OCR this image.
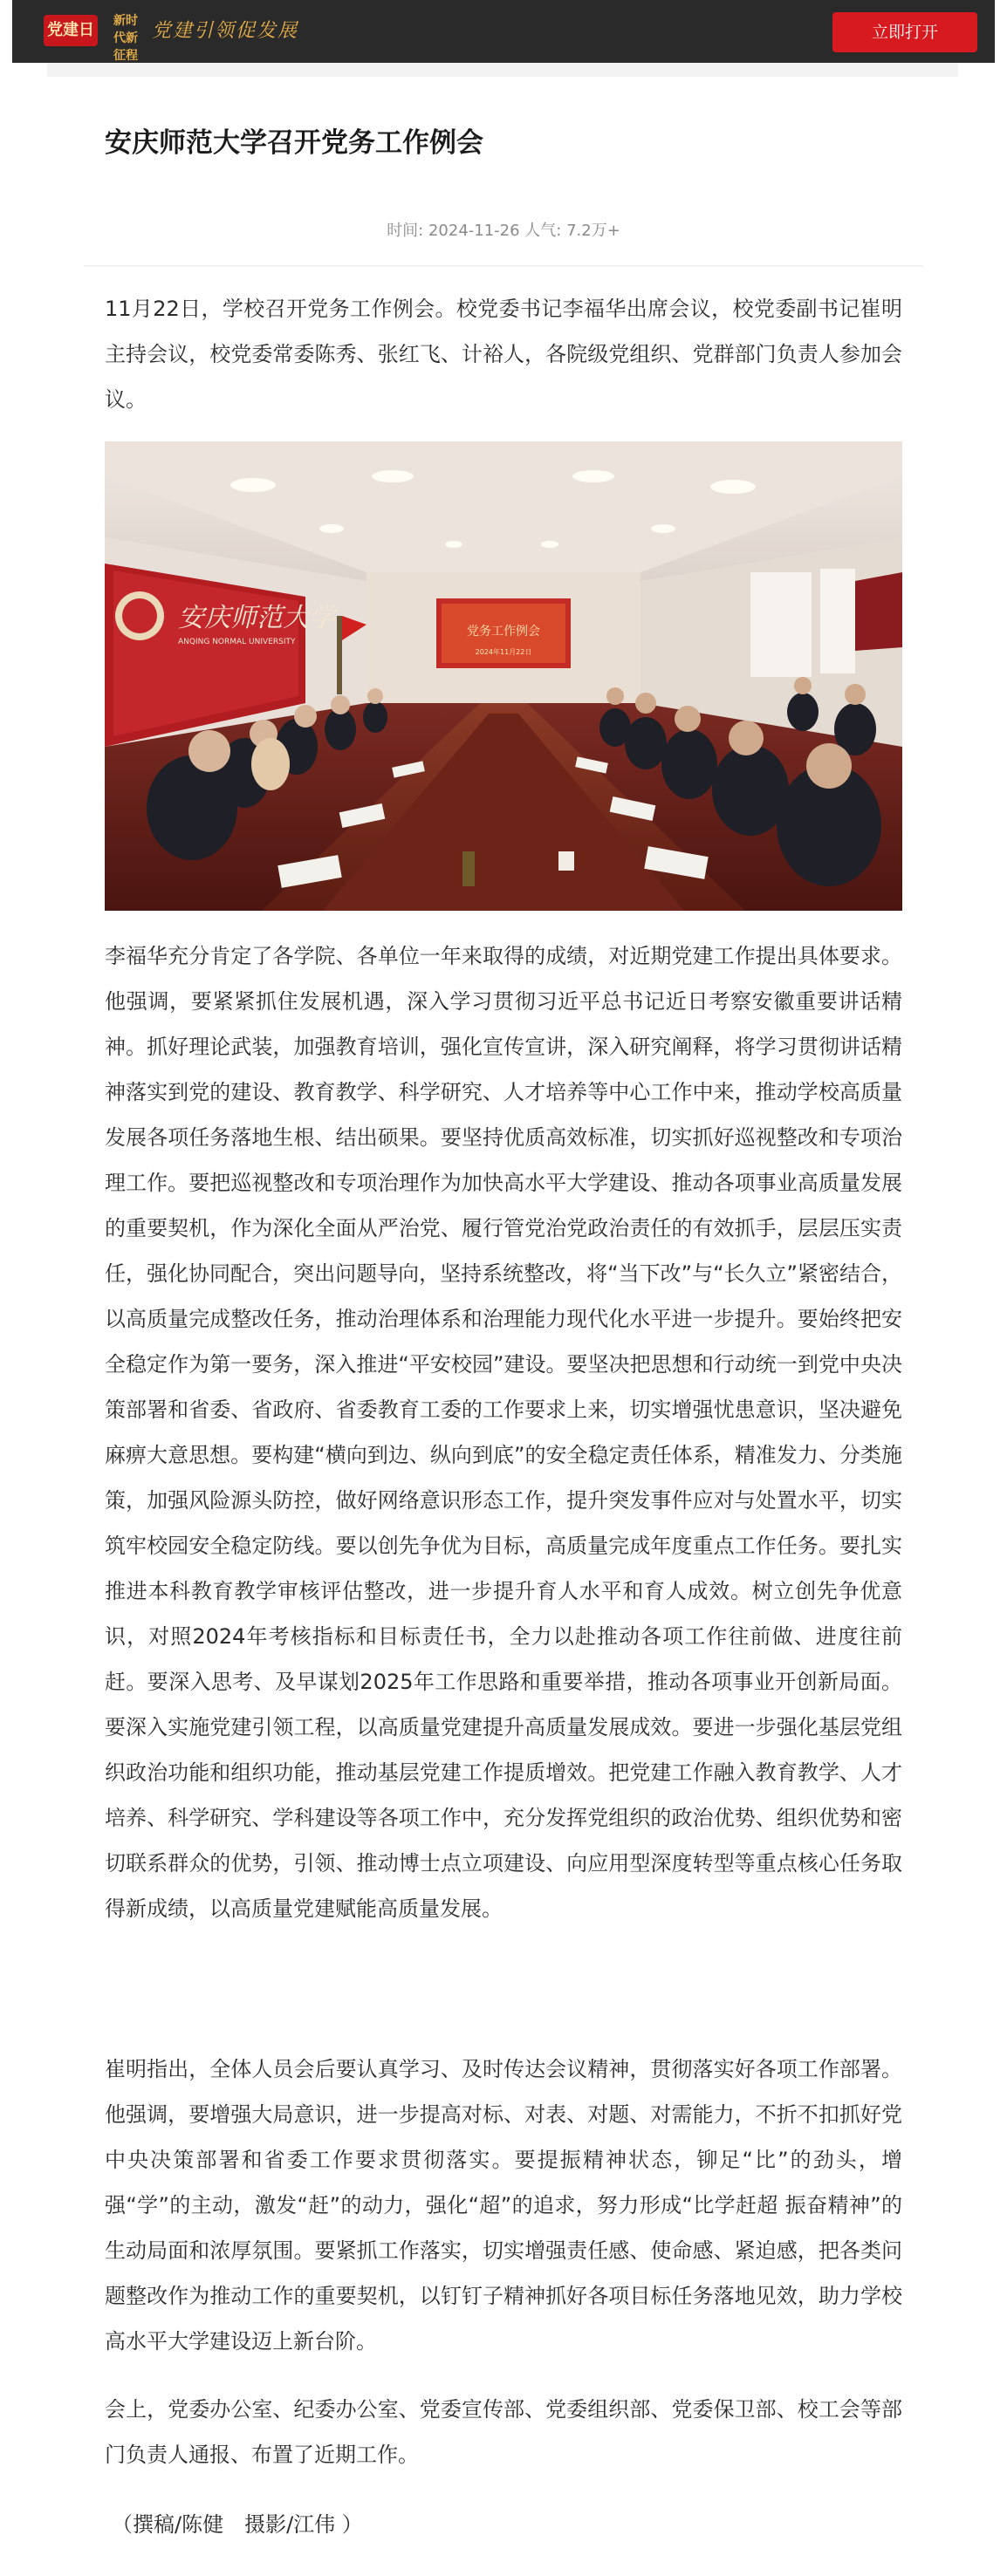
党建日	新时代新征程
党建引领促发展	立即打开
安庆师范大学召开党务工作例会
时间: 2024-11-26 人气: 7.2万+

11月22日，学校召开党务工作例会。校党委书记李福华出席会议，校党委副书记崔明主持会议，校党委常委陈秀、张红飞、计裕人，各院级党组织、党群部门负责人参加会议。

安庆师范大学
ANQING NORMAL UNIVERSITY
党务工作例会
2024年11月22日

李福华充分肯定了各学院、各单位一年来取得的成绩，对近期党建工作提出具体要求。他强调，要紧紧抓住发展机遇，深入学习贯彻习近平总书记近日考察安徽重要讲话精神。抓好理论武装，加强教育培训，强化宣传宣讲，深入研究阐释，将学习贯彻讲话精神落实到党的建设、教育教学、科学研究、人才培养等中心工作中来，推动学校高质量发展各项任务落地生根、结出硕果。要坚持优质高效标准，切实抓好巡视整改和专项治理工作。要把巡视整改和专项治理作为加快高水平大学建设、推动各项事业高质量发展的重要契机，作为深化全面从严治党、履行管党治党政治责任的有效抓手，层层压实责任，强化协同配合，突出问题导向，坚持系统整改，将“当下改”与“长久立”紧密结合，以高质量完成整改任务，推动治理体系和治理能力现代化水平进一步提升。要始终把安全稳定作为第一要务，深入推进“平安校园”建设。要坚决把思想和行动统一到党中央决策部署和省委、省政府、省委教育工委的工作要求上来，切实增强忧患意识，坚决避免麻痹大意思想。要构建“横向到边、纵向到底”的安全稳定责任体系，精准发力、分类施策，加强风险源头防控，做好网络意识形态工作，提升突发事件应对与处置水平，切实筑牢校园安全稳定防线。要以创先争优为目标，高质量完成年度重点工作任务。要扎实推进本科教育教学审核评估整改，进一步提升育人水平和育人成效。树立创先争优意识，对照2024年考核指标和目标责任书，全力以赴推动各项工作往前做、进度往前赶。要深入思考、及早谋划2025年工作思路和重要举措，推动各项事业开创新局面。要深入实施党建引领工程，以高质量党建提升高质量发展成效。要进一步强化基层党组织政治功能和组织功能，推动基层党建工作提质增效。把党建工作融入教育教学、人才培养、科学研究、学科建设等各项工作中，充分发挥党组织的政治优势、组织优势和密切联系群众的优势，引领、推动博士点立项建设、向应用型深度转型等重点核心任务取得新成绩，以高质量党建赋能高质量发展。

崔明指出，全体人员会后要认真学习、及时传达会议精神，贯彻落实好各项工作部署。他强调，要增强大局意识，进一步提高对标、对表、对题、对需能力，不折不扣抓好党中央决策部署和省委工作要求贯彻落实。要提振精神状态，铆足“比”的劲头，增强“学”的主动，激发“赶”的动力，强化“超”的追求，努力形成“比学赶超 振奋精神”的生动局面和浓厚氛围。要紧抓工作落实，切实增强责任感、使命感、紧迫感，把各类问题整改作为推动工作的重要契机，以钉钉子精神抓好各项目标任务落地见效，助力学校高水平大学建设迈上新台阶。

会上，党委办公室、纪委办公室、党委宣传部、党委组织部、党委保卫部、校工会等部门负责人通报、布置了近期工作。

（撰稿/陈健　摄影/江伟 ）
